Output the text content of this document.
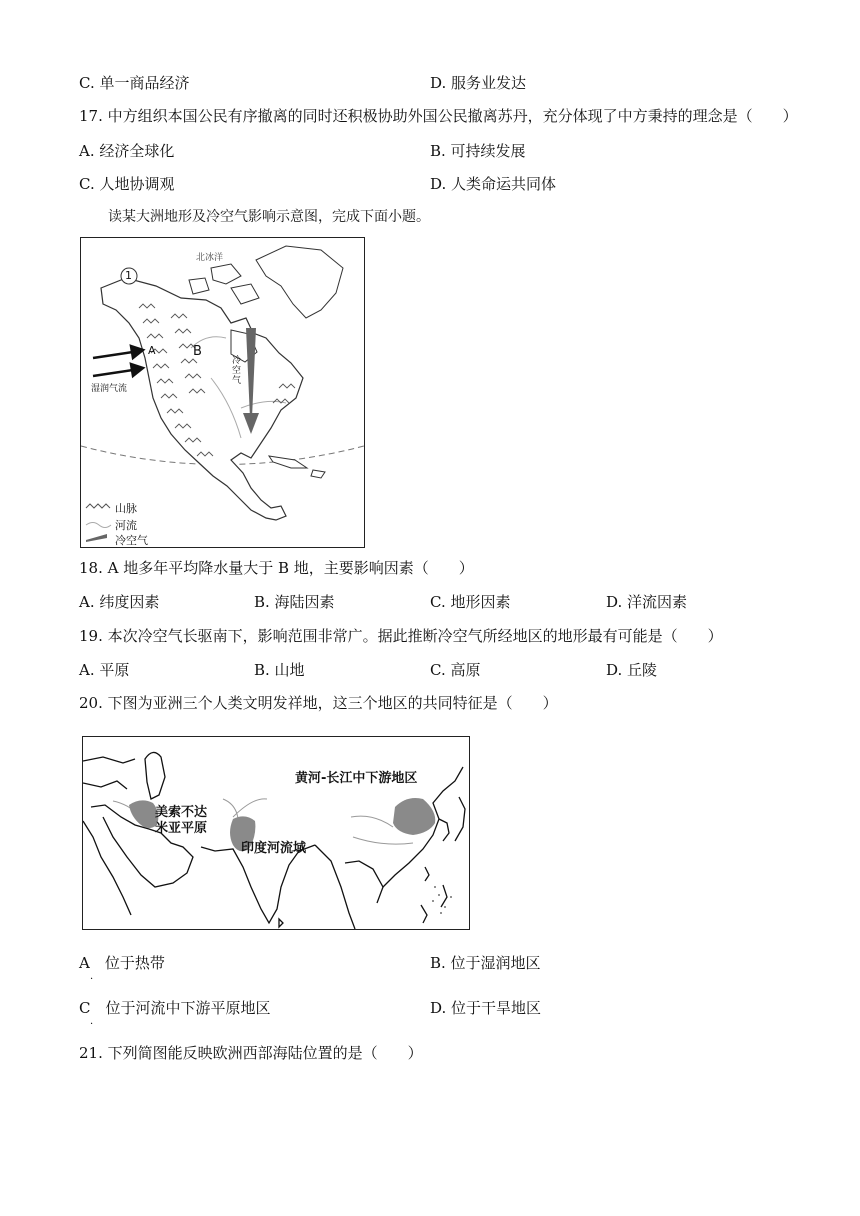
C. 单一商品经济	D. 服务业发达
17. 中方组织本国公民有序撤离的同时还积极协助外国公民撤离苏丹，充分体现了中方秉持的理念是（　　）
A. 经济全球化	B. 可持续发展
C. 人地协调观	D. 人类命运共同体
读某大洲地形及冷空气影响示意图，完成下面小题。
北冰洋
1
A	B
冷空气
湿润气流
山脉
河流
冷空气
18. A 地多年平均降水量大于 B 地，主要影响因素（　　）
A. 纬度因素	B. 海陆因素	C. 地形因素	D. 洋流因素
19. 本次冷空气长驱南下，影响范围非常广。据此推断冷空气所经地区的地形最有可能是（　　）
A. 平原	B. 山地	C. 高原	D. 丘陵
20. 下图为亚洲三个人类文明发祥地，这三个地区的共同特征是（　　）
黄河-长江中下游地区
美索不达
米亚平原
印度河流域
A　位于热带
·
B. 位于湿润地区
C　位于河流中下游平原地区
·
D. 位于干旱地区
21. 下列简图能反映欧洲西部海陆位置的是（　　）
